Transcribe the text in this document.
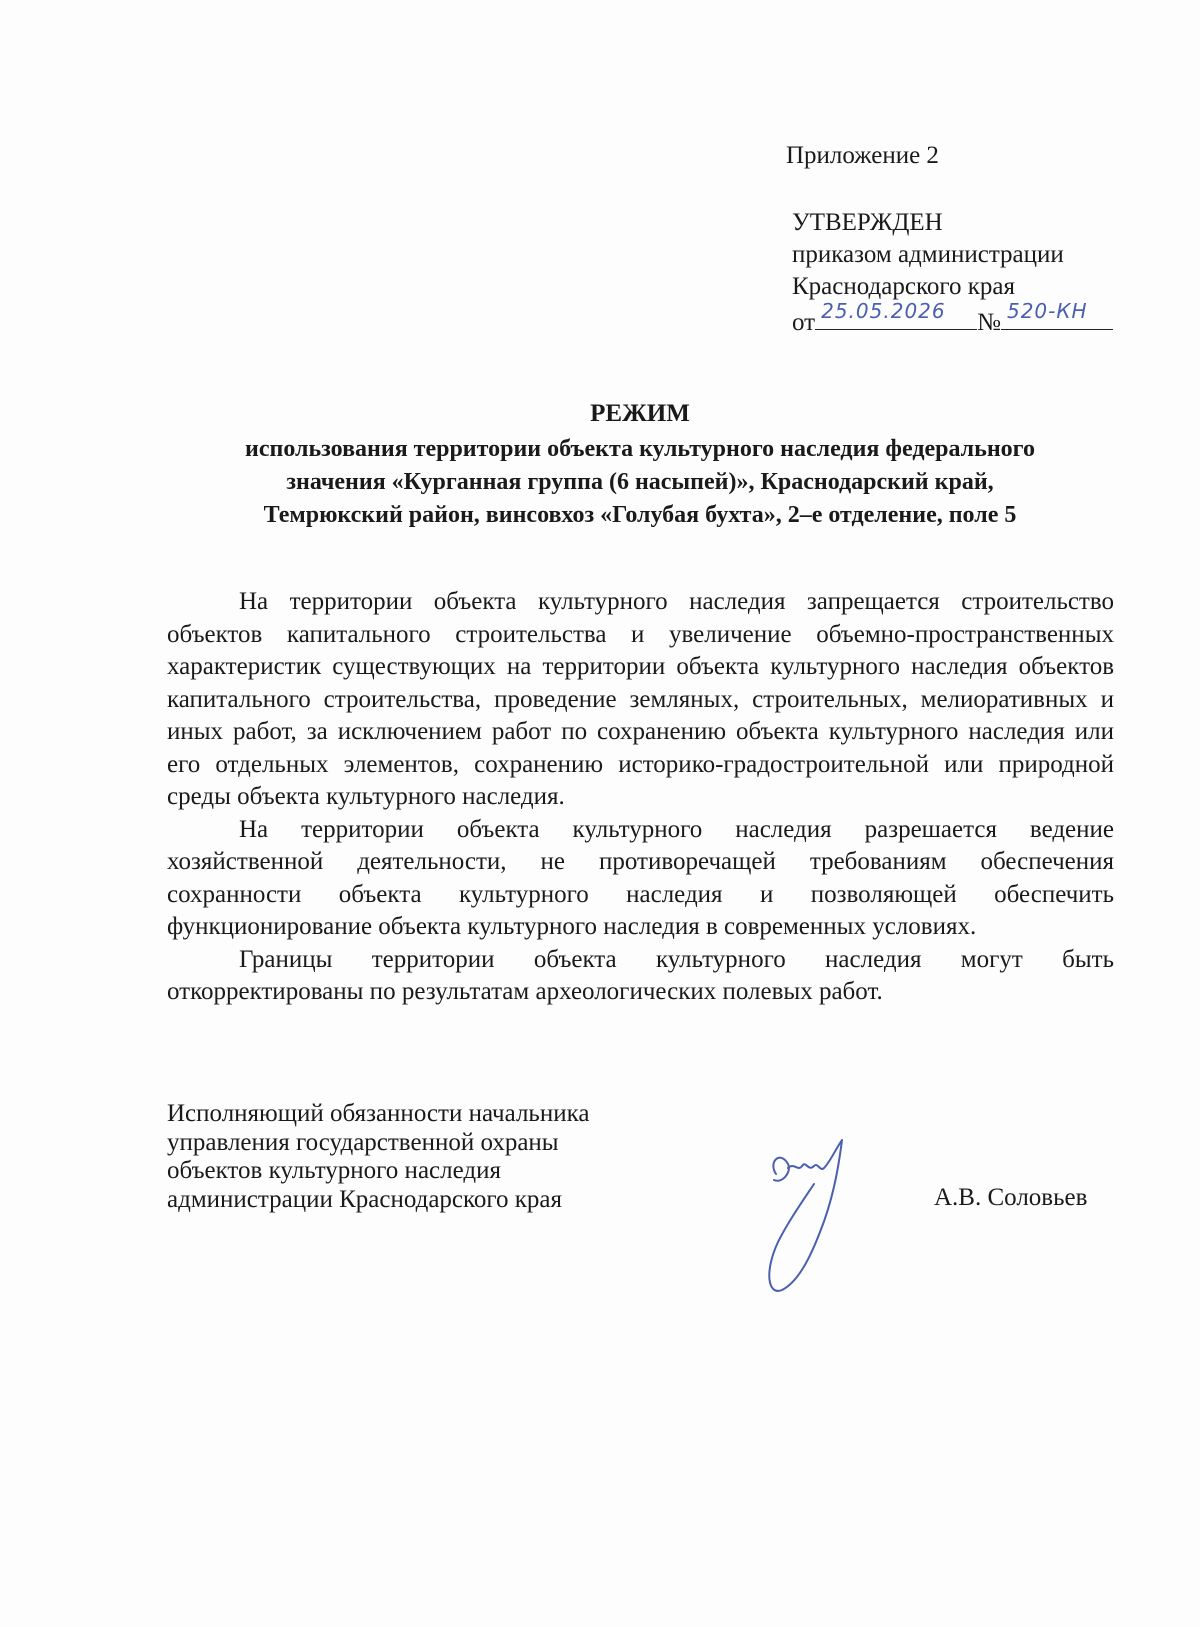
Приложение 2
УТВЕРЖДЕН
приказом администрации
Краснодарского края
от 25.05.2026 № 520-КН
РЕЖИМ
использования территории объекта культурного наследия федерального
значения «Курганная группа (6 насыпей)», Краснодарский край,
Темрюкский район, винсовхоз «Голубая бухта», 2–е отделение, поле 5

На территории объекта культурного наследия запрещается строительство объектов капитального строительства и увеличение объемно-пространственных характеристик существующих на территории объекта культурного наследия объектов капитального строительства, проведение земляных, строительных, мелиоративных и иных работ, за исключением работ по сохранению объекта культурного наследия или его отдельных элементов, сохранению историко-градостроительной или природной среды объекта культурного наследия.

На территории объекта культурного наследия разрешается ведение хозяйственной деятельности, не противоречащей требованиям обеспечения сохранности объекта культурного наследия и позволяющей обеспечить функционирование объекта культурного наследия в современных условиях.

Границы территории объекта культурного наследия могут быть откорректированы по результатам археологических полевых работ.

Исполняющий обязанности начальника
управления государственной охраны
объектов культурного наследия
администрации Краснодарского края	А.В. Соловьев
